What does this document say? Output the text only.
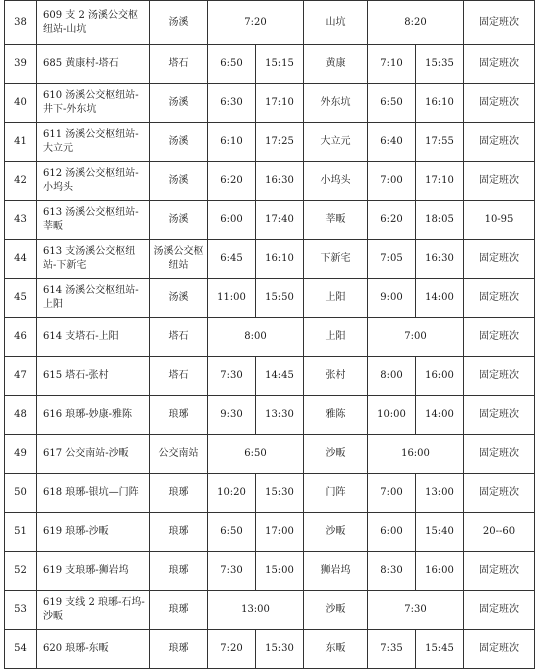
38	609 支 2 汤溪公交枢纽站-山坑	汤溪	7:20		山坑	8:20		固定班次
39	685 黄康村-塔石	塔石	6:50	15:15	黄康	7:10	15:35	固定班次
40	610 汤溪公交枢纽站-井下-外东坑	汤溪	6:30	17:10	外东坑	6:50	16:10	固定班次
41	611 汤溪公交枢纽站-大立元	汤溪	6:10	17:25	大立元	6:40	17:55	固定班次
42	612 汤溪公交枢纽站-小坞头	汤溪	6:20	16:30	小坞头	7:00	17:10	固定班次
43	613 汤溪公交枢纽站-莘畈	汤溪	6:00	17:40	莘畈	6:20	18:05	10-95
44	613 支汤溪公交枢纽站-下新宅	汤溪公交枢纽站	6:45	16:10	下新宅	7:05	16:30	固定班次
45	614 汤溪公交枢纽站-上阳	汤溪	11:00	15:50	上阳	9:00	14:00	固定班次
46	614 支塔石-上阳	塔石	8:00		上阳	7:00		固定班次
47	615 塔石-张村	塔石	7:30	14:45	张村	8:00	16:00	固定班次
48	616 琅琊-妙康-雅陈	琅琊	9:30	13:30	雅陈	10:00	14:00	固定班次
49	617 公交南站-沙畈	公交南站	6:50		沙畈	16:00		固定班次
50	618 琅琊-银坑—门阵	琅琊	10:20	15:30	门阵	7:00	13:00	固定班次
51	619 琅琊-沙畈	琅琊	6:50	17:00	沙畈	6:00	15:40	20--60
52	619 支琅琊-狮岩坞	琅琊	7:30	15:00	狮岩坞	8:30	16:00	固定班次
53	619 支线 2 琅琊-石坞-沙畈	琅琊	13:00		沙畈	7:30		固定班次
54	620 琅琊-东畈	琅琊	7:20	15:30	东畈	7:35	15:45	固定班次
